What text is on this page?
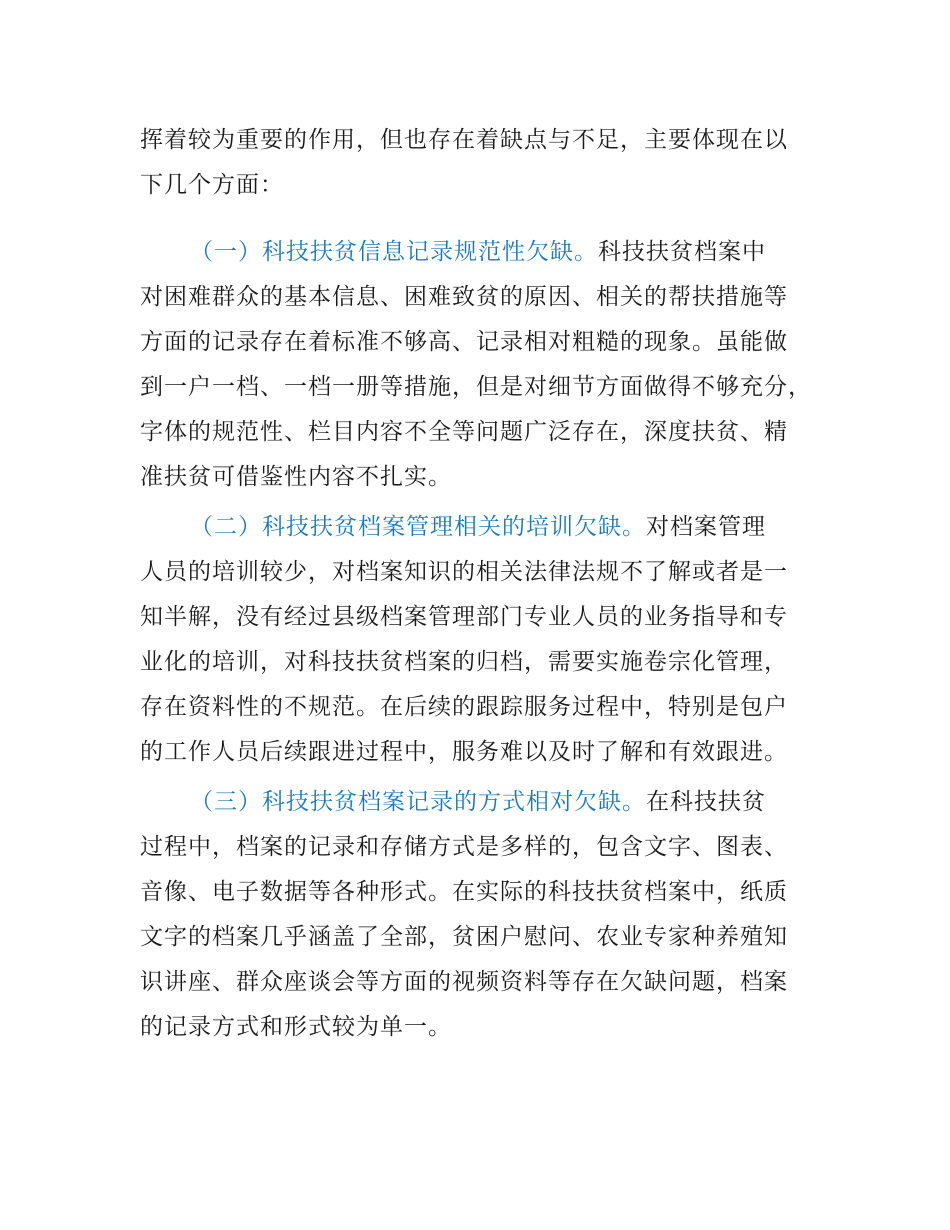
挥着较为重要的作用，但也存在着缺点与不足，主要体现在以
下几个方面：
（一）科技扶贫信息记录规范性欠缺。科技扶贫档案中
对困难群众的基本信息、困难致贫的原因、相关的帮扶措施等
方面的记录存在着标准不够高、记录相对粗糙的现象。虽能做
到一户一档、一档一册等措施，但是对细节方面做得不够充分，
字体的规范性、栏目内容不全等问题广泛存在，深度扶贫、精
准扶贫可借鉴性内容不扎实。
（二）科技扶贫档案管理相关的培训欠缺。对档案管理
人员的培训较少，对档案知识的相关法律法规不了解或者是一
知半解，没有经过县级档案管理部门专业人员的业务指导和专
业化的培训，对科技扶贫档案的归档，需要实施卷宗化管理，
存在资料性的不规范。在后续的跟踪服务过程中，特别是包户
的工作人员后续跟进过程中，服务难以及时了解和有效跟进。
（三）科技扶贫档案记录的方式相对欠缺。在科技扶贫
过程中，档案的记录和存储方式是多样的，包含文字、图表、
音像、电子数据等各种形式。在实际的科技扶贫档案中，纸质
文字的档案几乎涵盖了全部，贫困户慰问、农业专家种养殖知
识讲座、群众座谈会等方面的视频资料等存在欠缺问题，档案
的记录方式和形式较为单一。
